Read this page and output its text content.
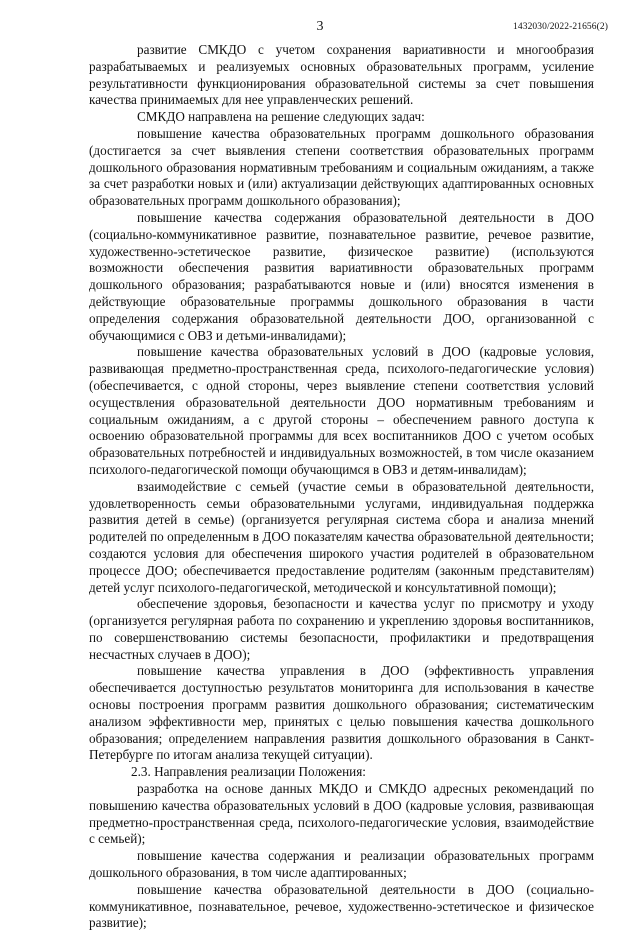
3	1432030/2022-21656(2)

развитие СМКДО с учетом сохранения вариативности и многообразия разрабатываемых и реализуемых основных образовательных программ, усиление результативности функционирования образовательной системы за счет повышения качества принимаемых для нее управленческих решений.

СМКДО направлена на решение следующих задач:

повышение качества образовательных программ дошкольного образования (достигается за счет выявления степени соответствия образовательных программ дошкольного образования нормативным требованиям и социальным ожиданиям, а также за счет разработки новых и (или) актуализации действующих адаптированных основных образовательных программ дошкольного образования);

повышение качества содержания образовательной деятельности в ДОО (социально-коммуникативное развитие, познавательное развитие, речевое развитие, художественно-эстетическое развитие, физическое развитие) (используются возможности обеспечения развития вариативности образовательных программ дошкольного образования; разрабатываются новые и (или) вносятся изменения в действующие образовательные программы дошкольного образования в части определения содержания образовательной деятельности ДОО, организованной с обучающимися с ОВЗ и детьми-инвалидами);

повышение качества образовательных условий в ДОО (кадровые условия, развивающая предметно-пространственная среда, психолого-педагогические условия) (обеспечивается, с одной стороны, через выявление степени соответствия условий осуществления образовательной деятельности ДОО нормативным требованиям и социальным ожиданиям, а с другой стороны – обеспечением равного доступа к освоению образовательной программы для всех воспитанников ДОО с учетом особых образовательных потребностей и индивидуальных возможностей, в том числе оказанием психолого-педагогической помощи обучающимся в ОВЗ и детям-инвалидам);

взаимодействие с семьей (участие семьи в образовательной деятельности, удовлетворенность семьи образовательными услугами, индивидуальная поддержка развития детей в семье) (организуется регулярная система сбора и анализа мнений родителей по определенным в ДОО показателям качества образовательной деятельности; создаются условия для обеспечения широкого участия родителей в образовательном процессе ДОО; обеспечивается предоставление родителям (законным представителям) детей услуг психолого-педагогической, методической и консультативной помощи);

обеспечение здоровья, безопасности и качества услуг по присмотру и уходу (организуется регулярная работа по сохранению и укреплению здоровья воспитанников, по совершенствованию системы безопасности, профилактики и предотвращения несчастных случаев в ДОО);

повышение качества управления в ДОО (эффективность управления обеспечивается доступностью результатов мониторинга для использования в качестве основы построения программ развития дошкольного образования; систематическим анализом эффективности мер, принятых с целью повышения качества дошкольного образования; определением направления развития дошкольного образования в Санкт-Петербурге по итогам анализа текущей ситуации).

2.3. Направления реализации Положения:

разработка на основе данных МКДО и СМКДО адресных рекомендаций по повышению качества образовательных условий в ДОО (кадровые условия, развивающая предметно-пространственная среда, психолого-педагогические условия, взаимодействие с семьей);

повышение качества содержания и реализации образовательных программ дошкольного образования, в том числе адаптированных;

повышение качества образовательной деятельности в ДОО (социально-коммуникативное, познавательное, речевое, художественно-эстетическое и физическое развитие);
